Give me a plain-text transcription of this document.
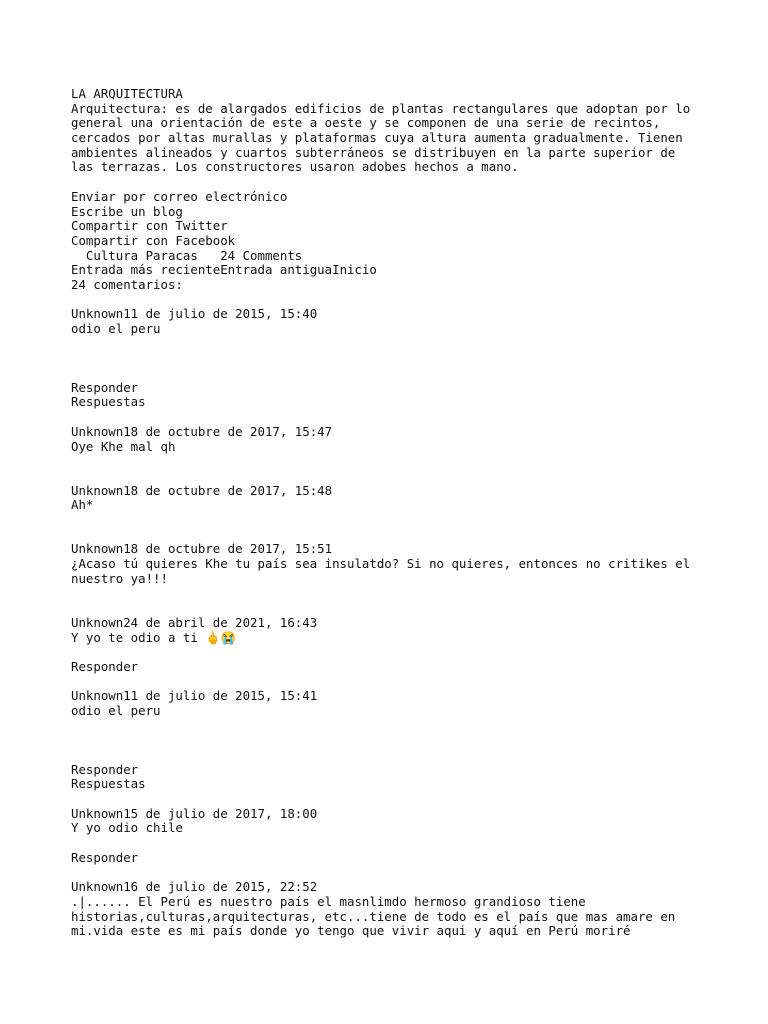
LA ARQUITECTURA
Arquitectura: es de alargados edificios de plantas rectangulares que adoptan por lo
general una orientación de este a oeste y se componen de una serie de recintos,
cercados por altas murallas y plataformas cuya altura aumenta gradualmente. Tienen
ambientes alineados y cuartos subterráneos se distribuyen en la parte superior de
las terrazas. Los constructores usaron adobes hechos a mano.
Enviar por correo electrónico
Escribe un blog
Compartir con Twitter
Compartir con Facebook
Cultura Paracas   24 Comments
Entrada más recienteEntrada antiguaInicio
24 comentarios:
Unknown11 de julio de 2015, 15:40
odio el peru
Responder
Respuestas
Unknown18 de octubre de 2017, 15:47
Oye Khe mal qh
Unknown18 de octubre de 2017, 15:48
Ah*
Unknown18 de octubre de 2017, 15:51
¿Acaso tú quieres Khe tu país sea insulatdo? Si no quieres, entonces no critikes el
nuestro ya!!!
Unknown24 de abril de 2021, 16:43
Y yo te odio a ti 🖕😭
Responder
Unknown11 de julio de 2015, 15:41
odio el peru
Responder
Respuestas
Unknown15 de julio de 2017, 18:00
Y yo odio chile
Responder
Unknown16 de julio de 2015, 22:52
.|...... El Perú es nuestro país el masnlimdo hermoso grandioso tiene
historias,culturas,arquitecturas, etc...tiene de todo es el país que mas amare en
mi.vida este es mi país donde yo tengo que vivir aqui y aquí en Perú moriré
